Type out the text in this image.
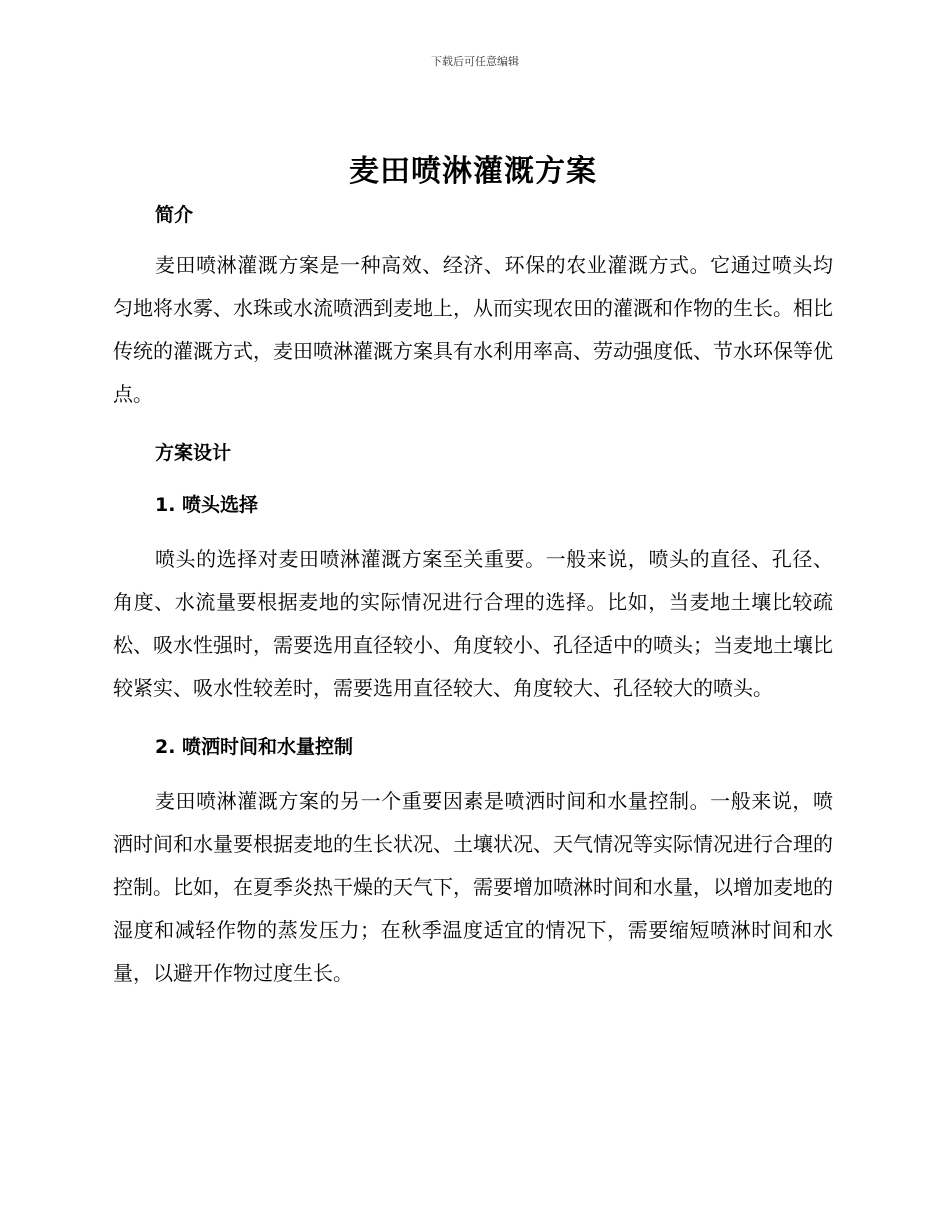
下载后可任意编辑
麦田喷淋灌溉方案

简介

麦田喷淋灌溉方案是一种高效、经济、环保的农业灌溉方式。它通过喷头均匀地将水雾、水珠或水流喷洒到麦地上，从而实现农田的灌溉和作物的生长。相比传统的灌溉方式，麦田喷淋灌溉方案具有水利用率高、劳动强度低、节水环保等优点。

方案设计

1. 喷头选择

喷头的选择对麦田喷淋灌溉方案至关重要。一般来说，喷头的直径、孔径、角度、水流量要根据麦地的实际情况进行合理的选择。比如，当麦地土壤比较疏松、吸水性强时，需要选用直径较小、角度较小、孔径适中的喷头；当麦地土壤比较紧实、吸水性较差时，需要选用直径较大、角度较大、孔径较大的喷头。

2. 喷洒时间和水量控制

麦田喷淋灌溉方案的另一个重要因素是喷洒时间和水量控制。一般来说，喷洒时间和水量要根据麦地的生长状况、土壤状况、天气情况等实际情况进行合理的控制。比如，在夏季炎热干燥的天气下，需要增加喷淋时间和水量，以增加麦地的湿度和减轻作物的蒸发压力；在秋季温度适宜的情况下，需要缩短喷淋时间和水量，以避开作物过度生长。
